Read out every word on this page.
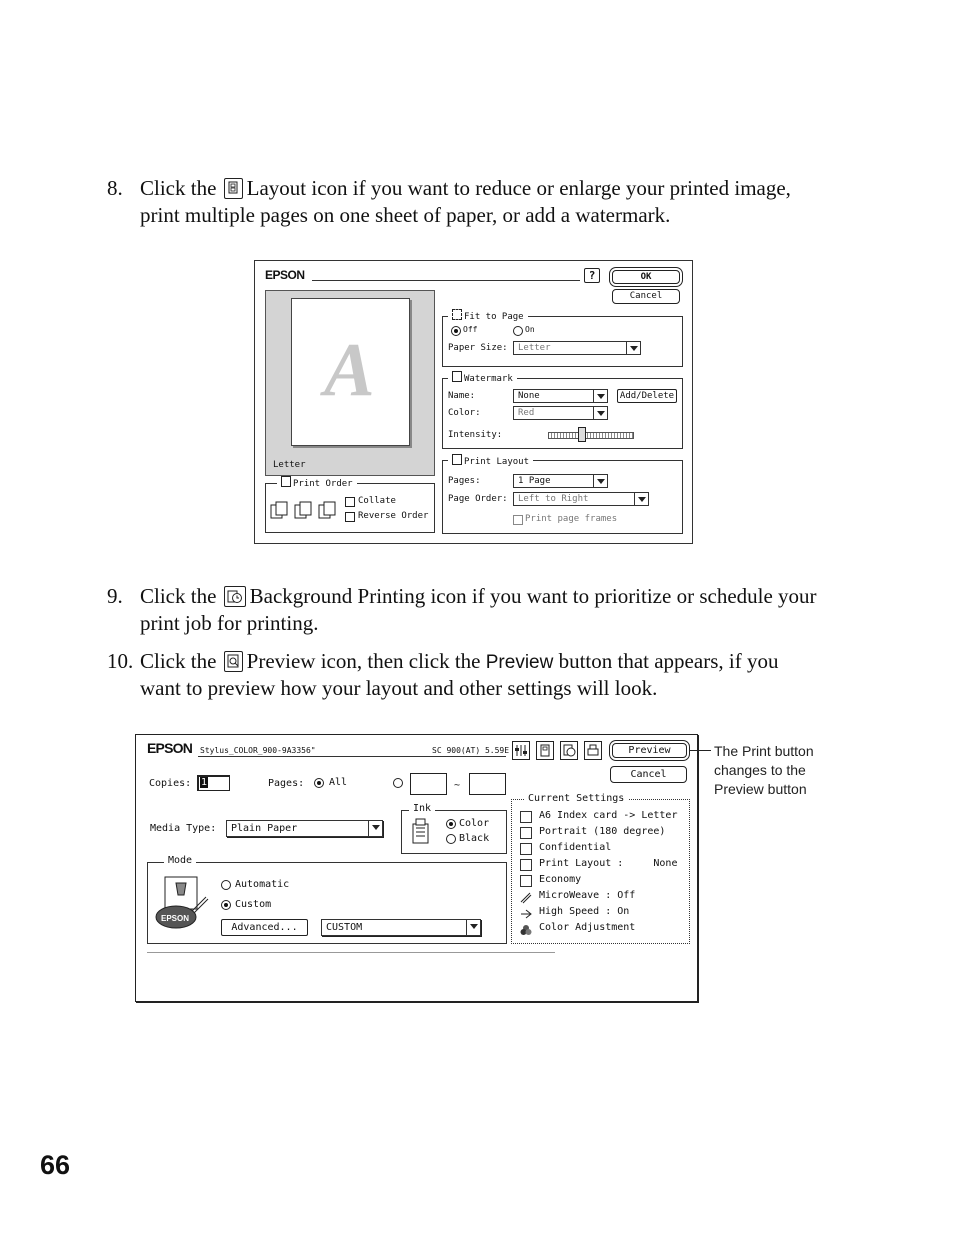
8. Click the Layout icon if you want to reduce or enlarge your printed image,
print multiple pages on one sheet of paper, or add a watermark.
EPSON	?	OK
Cancel
A
Letter
Print Order
Collate
Reverse Order
Fit to Page
Off	On
Paper Size:	Letter
Watermark
Name:	None	Add/Delete
Color:	Red
Intensity:
Print Layout
Pages:	1 Page
Page Order:	Left to Right
Print page frames
9. Click the Background Printing icon if you want to prioritize or schedule your
print job for printing.
10. Click the Preview icon, then click the Preview button that appears, if you
want to preview how your layout and other settings will look.
EPSON Stylus_COLOR_900-9A3356"	SC 900(AT) 5.59E	Preview
Cancel
Copies: 1	Pages: All	~
Media Type:	Plain Paper
Ink
Color
Black
Mode
EPSON
Automatic
Custom
Advanced...	CUSTOM
Current Settings
A6 Index card -> Letter
Portrait (180 degree)
Confidential
Print Layout :     None
Economy
MicroWeave : Off
High Speed : On
Color Adjustment
The Print button
changes to the
Preview button
66
